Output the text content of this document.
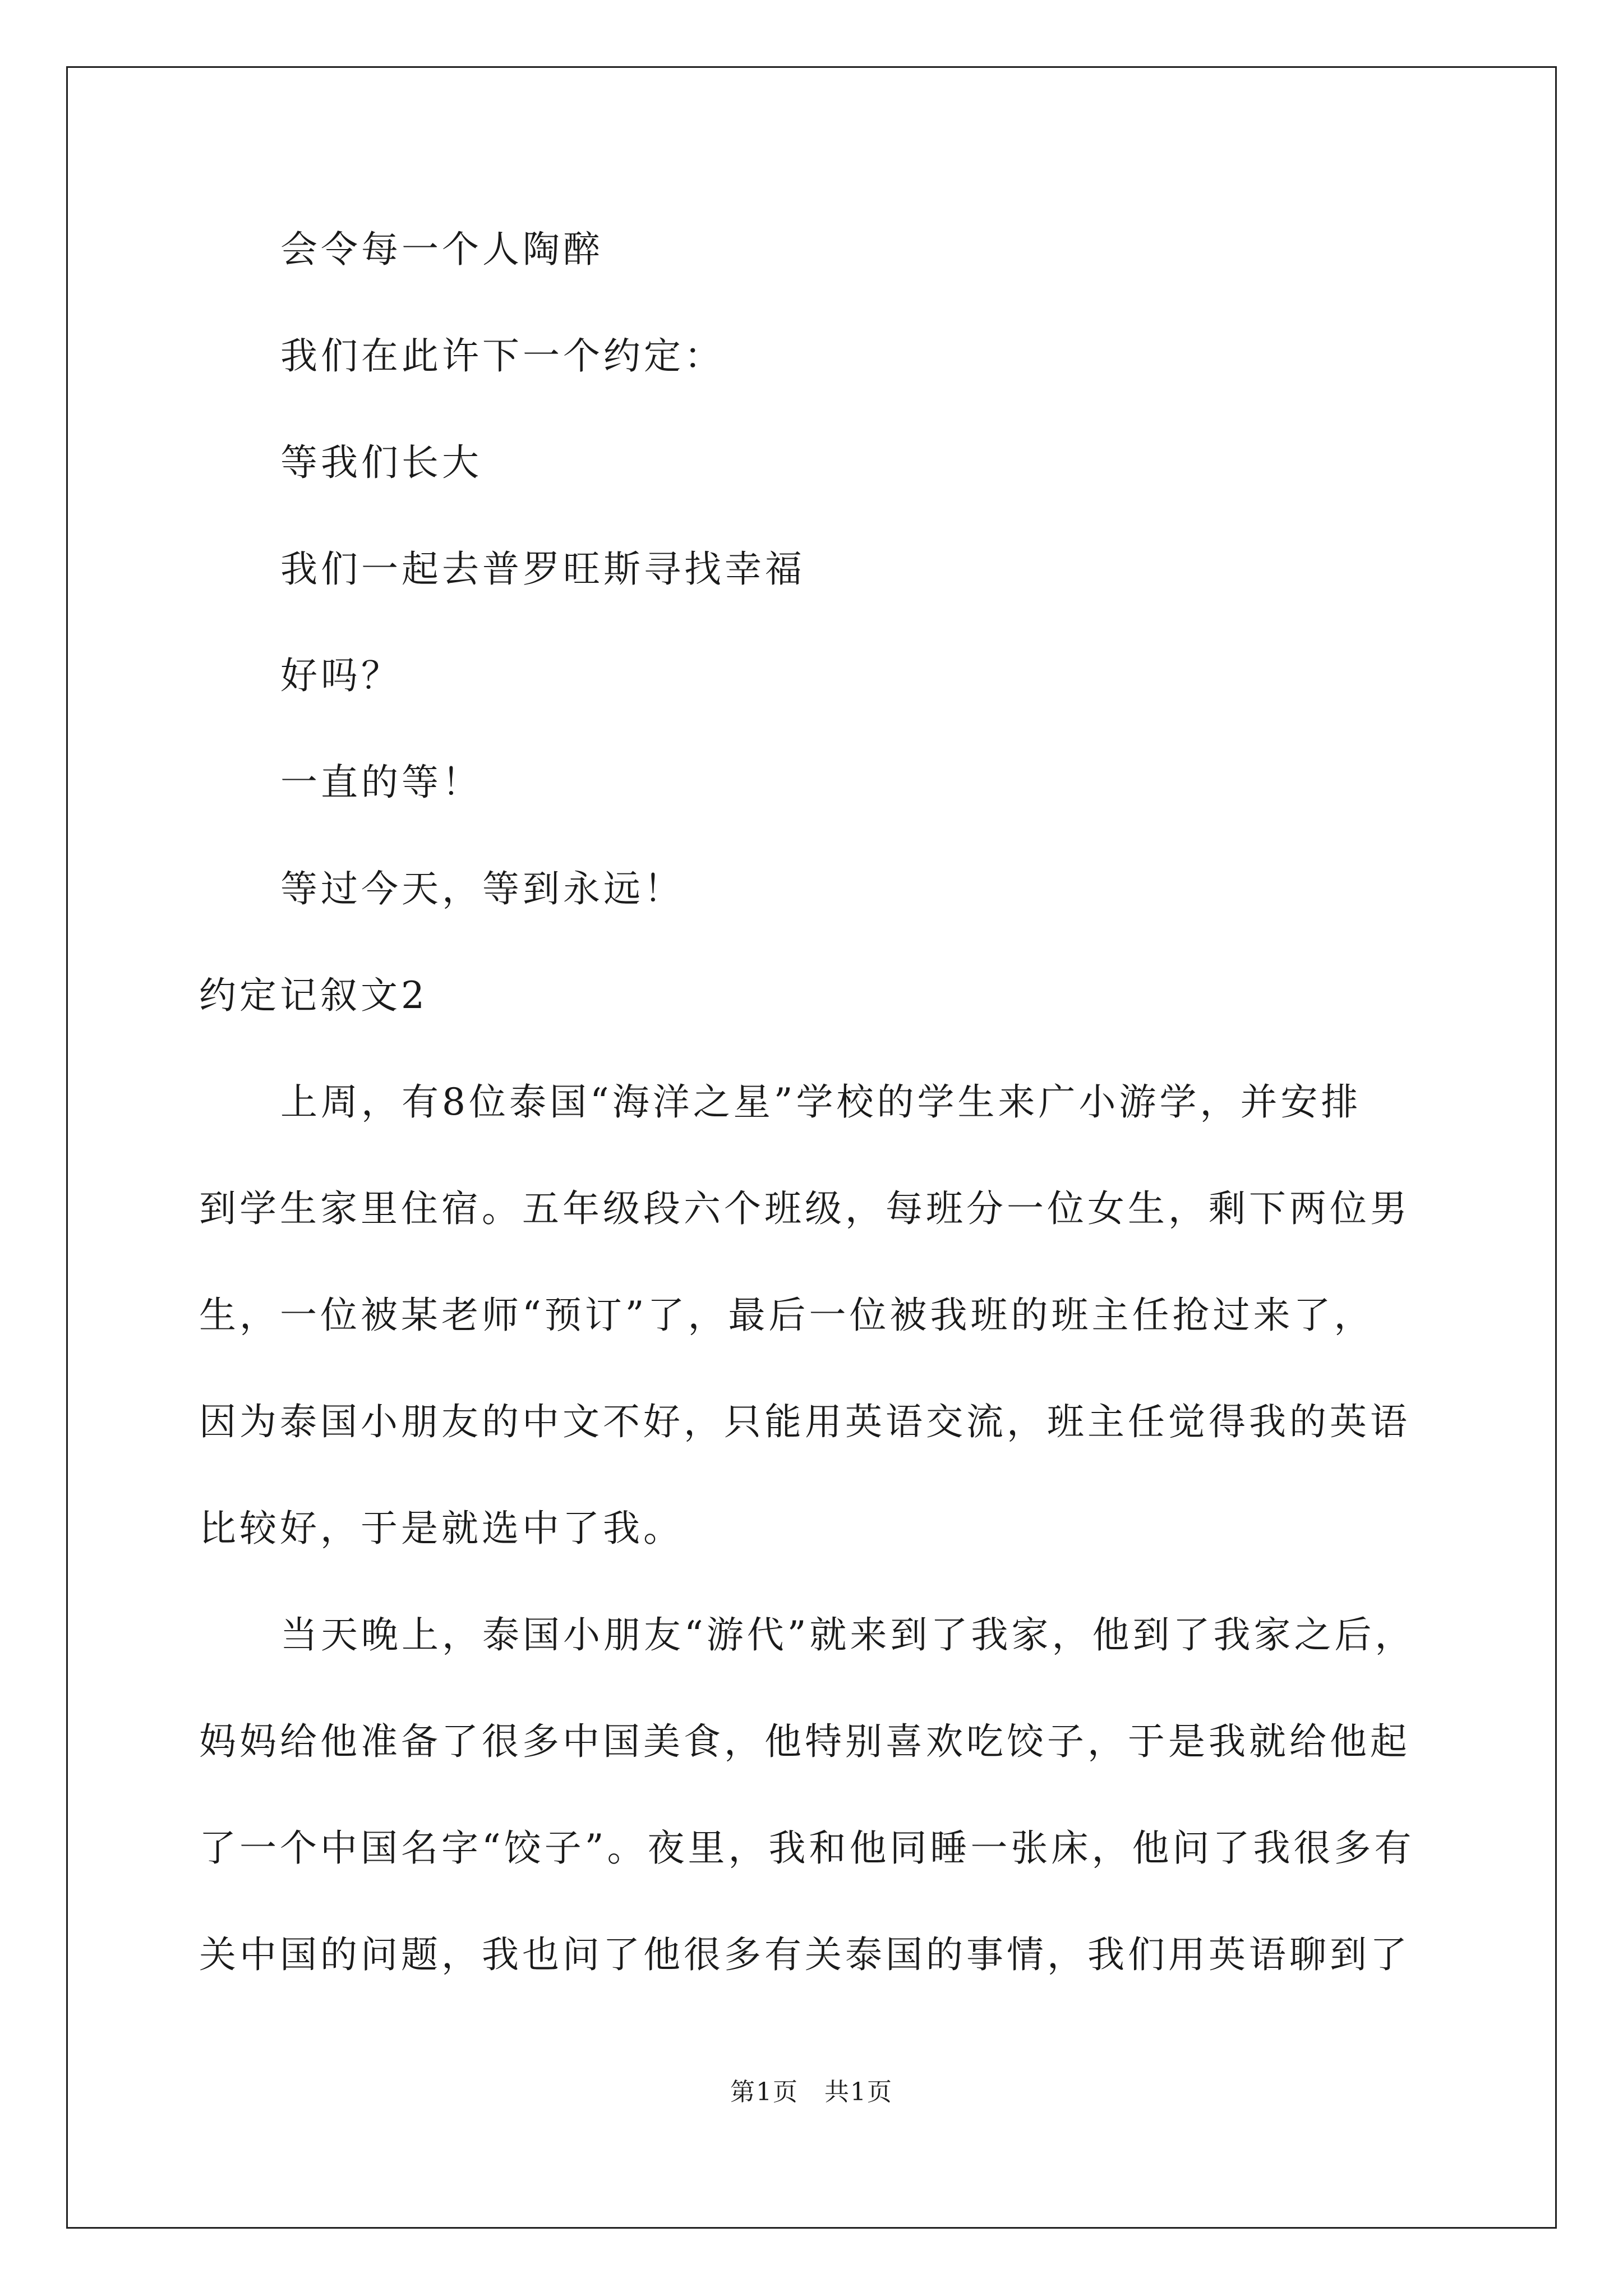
会令每一个人陶醉
我们在此许下一个约定：
等我们长大
我们一起去普罗旺斯寻找幸福
好吗？
一直的等！
等过今天，等到永远！
约定记叙文2
上周，有8位泰国“海洋之星”学校的学生来广小游学，并安排
到学生家里住宿。五年级段六个班级，每班分一位女生，剩下两位男
生，一位被某老师“预订”了，最后一位被我班的班主任抢过来了，
因为泰国小朋友的中文不好，只能用英语交流，班主任觉得我的英语
比较好，于是就选中了我。
当天晚上，泰国小朋友“游代”就来到了我家，他到了我家之后，
妈妈给他准备了很多中国美食，他特别喜欢吃饺子，于是我就给他起
了一个中国名字“饺子”。夜里，我和他同睡一张床，他问了我很多有
关中国的问题，我也问了他很多有关泰国的事情，我们用英语聊到了
第1页　共1页
